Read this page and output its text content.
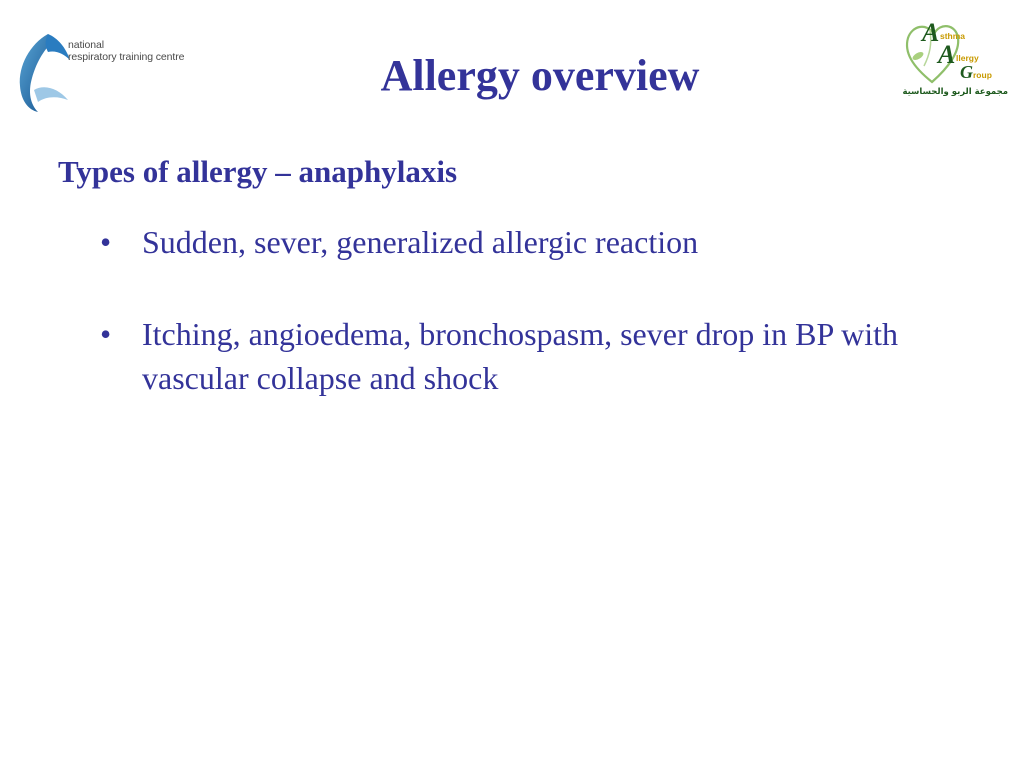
national
respiratory training centre
A sthma
A llergy
G roup
مجموعة الربو والحساسية
Allergy overview
Types of allergy – anaphylaxis
• Sudden, sever, generalized allergic reaction
• Itching, angioedema, bronchospasm, sever drop in BP with vascular collapse and shock
